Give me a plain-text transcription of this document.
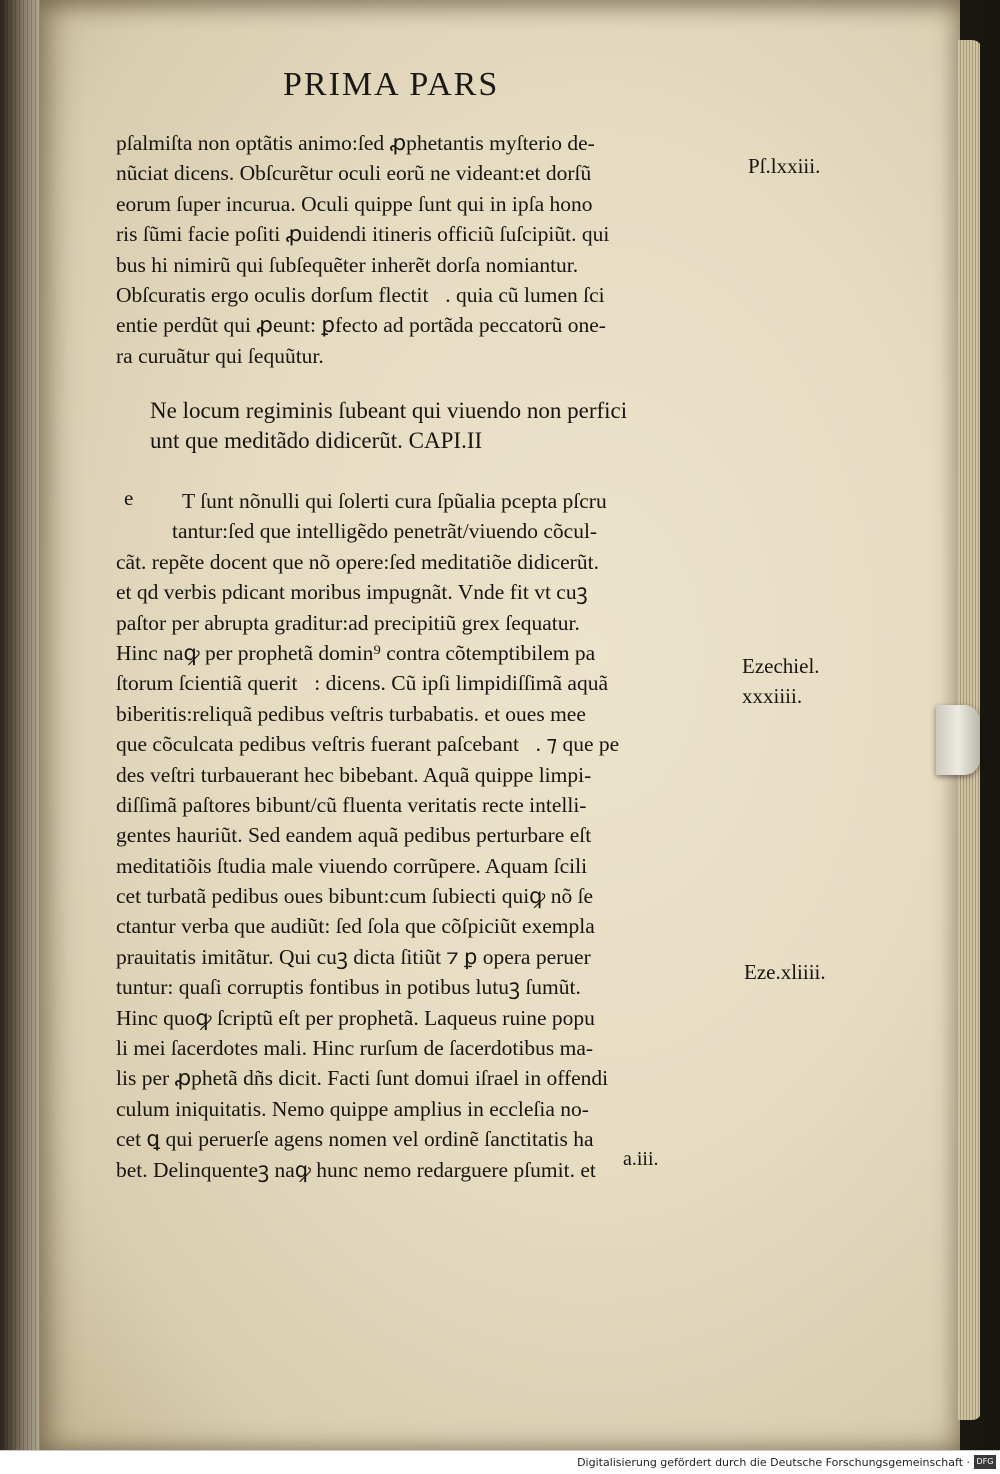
PRIMA PARS
pſalmiſta non optãtis animo:ſed ꝓphetantis myſterio de-
nũciat dicens. Obſcurẽtur oculi eorũ ne videant:et dorſũ
eorum ſuper incurua. Oculi quippe ſunt qui in ipſa hono
ris ſũmi facie poſiti ꝓuidendi itineris officiũ ſuſcipiũt. qui
bus hi nimirũ qui ſubſequẽter inherẽt dorſa nomiantur.
Obſcuratis ergo oculis dorſum flectit᷑. quia cũ lumen ſci
entie perdũt qui ꝓeunt: ꝑfecto ad portãda peccatorũ one-
ra curuãtur qui ſequũtur.
Ne locum regiminis ſubeant qui viuendo non perfici
unt que meditãdo didicerũt. CAPI.II
e	T ſunt nõnulli qui ſolerti cura ſpũalia pcepta pſcru
tantur:ſed que intelligẽdo penetrãt/viuendo cõcul-
cãt. repẽte docent que nõ opere:ſed meditatiõe didicerũt.
et qd verbis pdicant moribus impugnãt. Vnde fit vt cuꝫ
paſtor per abrupta graditur:ad precipitiũ grex ſequatur.
Hinc naꝙ per prophetã domin⁹ contra cõtemptibilem pa
ſtorum ſcientiã querit᷑: dicens. Cũ ipſi limpidiſſimã aquã
biberitis:reliquã pedibus veſtris turbabatis. et oues mee
que cõculcata pedibus veſtris fuerant paſcebant᷑. ⁊ que pe
des veſtri turbauerant hec bibebant. Aquã quippe limpi-
diſſimã paſtores bibunt/cũ fluenta veritatis recte intelli-
gentes hauriũt. Sed eandem aquã pedibus perturbare eſt
meditatiõis ſtudia male viuendo corrũpere. Aquam ſcili
cet turbatã pedibus oues bibunt:cum ſubiecti quiꝙ nõ ſe
ctantur verba que audiũt: ſed ſola que cõſpiciũt exempla
prauitatis imitãtur. Qui cuꝫ dicta ſitiũt ⁊ ꝑ opera peruer
tuntur: quaſi corruptis fontibus in potibus lutuꝫ ſumũt.
Hinc quoꝙ ſcriptũ eſt per prophetã. Laqueus ruine popu
li mei ſacerdotes mali. Hinc rurſum de ſacerdotibus ma-
lis per ꝓphetã dñs dicit. Facti ſunt domui iſrael in offendi
culum iniquitatis. Nemo quippe amplius in eccleſia no-
cet ꝗ qui peruerſe agens nomen vel ordinẽ ſanctitatis ha
bet. Delinquenteꝫ naꝙ hunc nemo redarguere pſumit. et
Pſ.lxxiii.
Ezechiel.
xxxiiii.
Eze.xliiii.
a.iii.
Digitalisierung gefördert durch die Deutsche Forschungsgemeinschaft · DFG
